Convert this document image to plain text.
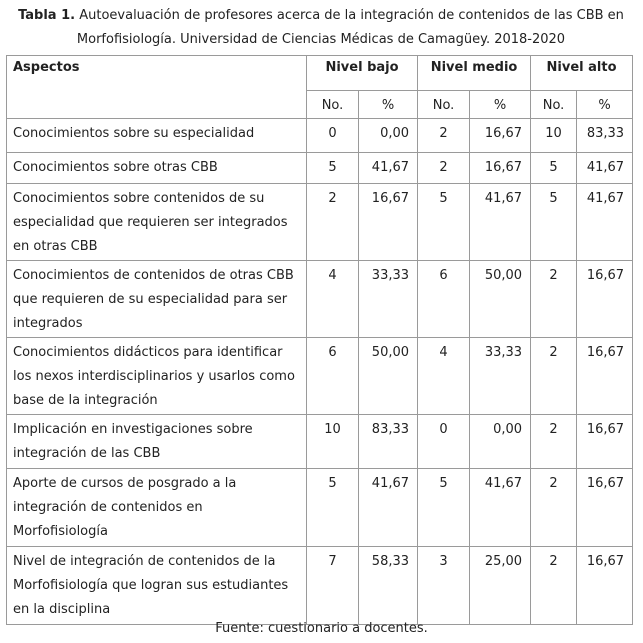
Tabla 1. Autoevaluación de profesores acerca de la integración de contenidos de las CBB en Morfofisiología. Universidad de Ciencias Médicas de Camagüey. 2018-2020
Aspectos	Nivel bajo		Nivel medio		Nivel alto	
	No.	%	No.	%	No.	%
Conocimientos sobre su especialidad	0	0,00	2	16,67	10	83,33
Conocimientos sobre otras CBB	5	41,67	2	16,67	5	41,67
Conocimientos sobre contenidos de su especialidad que requieren ser integrados en otras CBB	2	16,67	5	41,67	5	41,67
Conocimientos de contenidos de otras CBB que requieren de su especialidad para ser integrados	4	33,33	6	50,00	2	16,67
Conocimientos didácticos para identificar los nexos interdisciplinarios y usarlos como base de la integración	6	50,00	4	33,33	2	16,67
Implicación en investigaciones sobre integración de las CBB	10	83,33	0	0,00	2	16,67
Aporte de cursos de posgrado a la integración de contenidos en Morfofisiología	5	41,67	5	41,67	2	16,67
Nivel de integración de contenidos de la Morfofisiología que logran sus estudiantes en la disciplina	7	58,33	3	25,00	2	16,67
Fuente: cuestionario a docentes.
